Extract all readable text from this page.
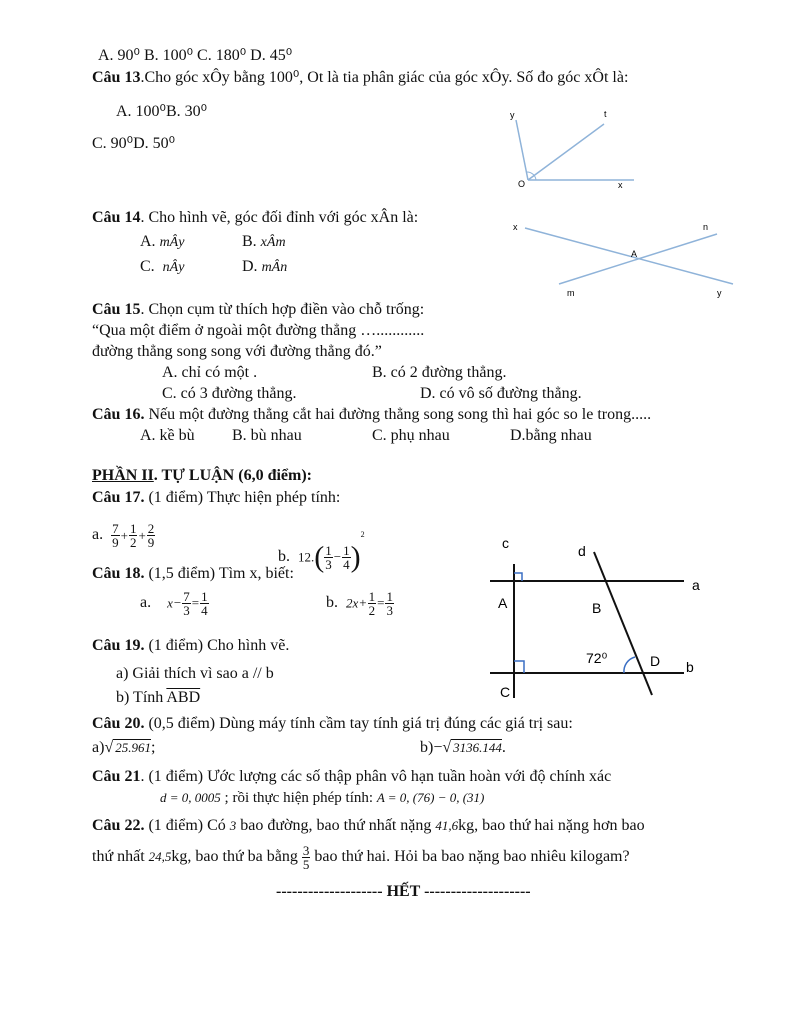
A. 90⁰ B. 100⁰ C. 180⁰ D. 45⁰
Câu 13.Cho góc xÔy bằng 100⁰, Ot là tia phân giác của góc xÔy. Số đo góc xÔt là:
A. 100⁰B. 30⁰
C. 90⁰D. 50⁰
y	t
O	x
Câu 14. Cho hình vẽ, góc đối đỉnh với góc xÂn là:
A. mÂy	B. xÂm
C. nÂy	D. mÂn
x	n
A
m	y
Câu 15. Chọn cụm từ thích hợp điền vào chỗ trống:
“Qua một điểm ở ngoài một đường thẳng …............
đường thẳng song song với đường thẳng đó.”
A. chỉ có một .	B. có 2 đường thẳng.
C. có 3 đường thẳng.	D. có vô số đường thẳng.
Câu 16. Nếu một đường thẳng cắt hai đường thẳng song song thì hai góc so le trong.....
A. kề bù B. bù nhau	C. phụ nhau	D.bằng nhau
PHẦN II. TỰ LUẬN (6,0 điểm):
Câu 17. (1 điểm) Thực hiện phép tính:
a. $\frac{7}{9} + \frac{1}{2} + \frac{2}{9}$
b. $12.( \frac{1}{3} - \frac{1}{4} )^2$
Câu 18. (1,5 điểm) Tìm x, biết:
a. $x- \frac{7}{3} = \frac{1}{4}$	b. $2x+ \frac{1}{2} = \frac{1}{3}$
Câu 19. (1 điểm) Cho hình vẽ.
a) Giải thích vì sao a // b
b) Tính $\overline{ABD}$
c	d
a
A	B
72⁰	D b
C
Câu 20. (0,5 điểm) Dùng máy tính cầm tay tính giá trị đúng các giá trị sau:
a)√ 25.961;	b)−√ 3136.144.
Câu 21. (1 điểm) Ước lượng các số thập phân vô hạn tuần hoàn với độ chính xác
d = 0, 0005 ; rồi thực hiện phép tính: A = 0, (76) − 0, (31)
Câu 22. (1 điểm) Có 3 bao đường, bao thứ nhất nặng 41,6kg, bao thứ hai nặng hơn bao
thứ nhất 24,5kg, bao thứ ba bằng $\frac{3}{5}$ bao thứ hai. Hỏi ba bao nặng bao nhiêu kilogam?
-------------------- HẾT --------------------
